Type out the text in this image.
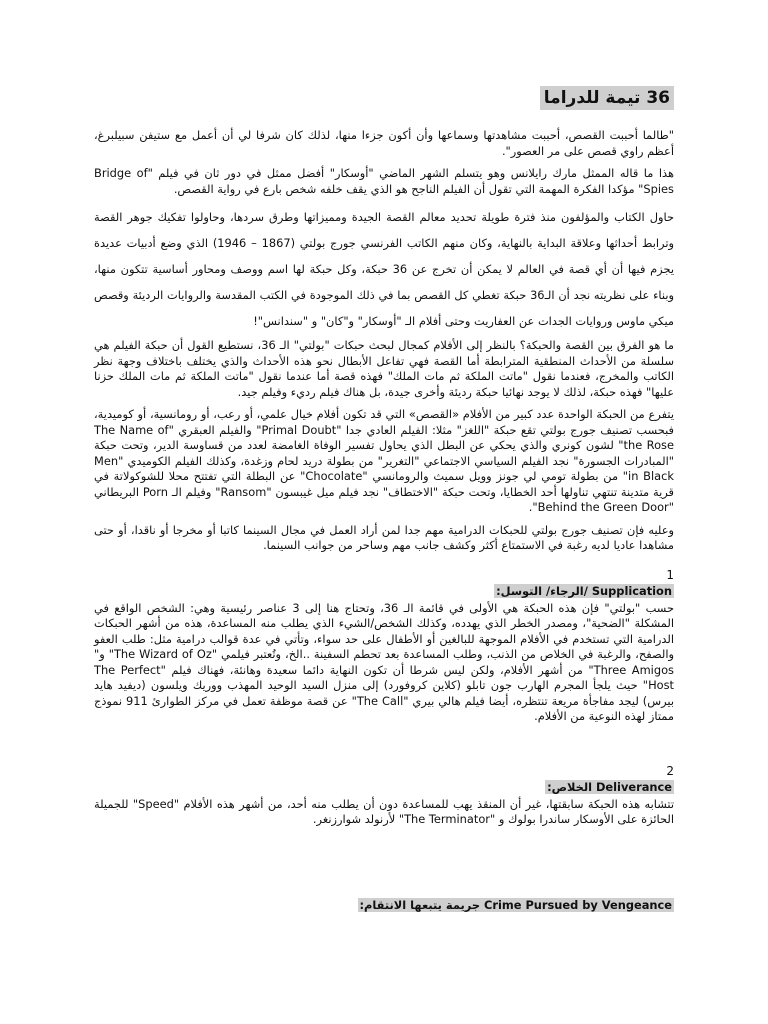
36 تيمة للدراما

"طالما أحببت القصص، أحببت مشاهدتها وسماعها وأن أكون جزءا منها، لذلك كان شرفا لي أن أعمل مع ستيفن سبيلبرغ، أعظم راوي قصص على مر العصور".

هذا ما قاله الممثل مارك رايلانس وهو يتسلم الشهر الماضي "أوسكار" أفضل ممثل في دور ثان في فيلم "Bridge of Spies" مؤكدا الفكرة المهمة التي تقول أن الفيلم الناجح هو الذي يقف خلفه شخص بارع في رواية القصص.

حاول الكتاب والمؤلفون منذ فترة طويلة تحديد معالم القصة الجيدة ومميزاتها وطرق سردها، وحاولوا تفكيك جوهر القصة وترابط أحداثها وعلاقة البداية بالنهاية، وكان منهم الكاتب الفرنسي جورج بولتي (1867 – 1946) الذي وضع أدبيات عديدة يجزم فيها أن أي قصة في العالم لا يمكن أن تخرج عن 36 حبكة، وكل حبكة لها اسم ووصف ومحاور أساسية تتكون منها، وبناء على نظريته نجد أن الـ36 حبكة تغطي كل القصص بما في ذلك الموجودة في الكتب المقدسة والروايات الرديئة وقصص ميكي ماوس وروايات الجدات عن العفاريت وحتى أفلام الـ "أوسكار" و"كان" و "سندانس"!

ما هو الفرق بين القصة والحبكة؟ بالنظر إلى الأفلام كمجال لبحث حبكات "بولتي" الـ 36، نستطيع القول أن حبكة الفيلم هي سلسلة من الأحداث المنطقية المترابطة أما القصة فهي تفاعل الأبطال نحو هذه الأحداث والذي يختلف باختلاف وجهة نظر الكاتب والمخرج، فعندما نقول "ماتت الملكة ثم مات الملك" فهذه قصة أما عندما نقول "ماتت الملكة ثم مات الملك حزنا عليها" فهذه حبكة، لذلك لا يوجد نهائيا حبكة رديئة وأخرى جيدة، بل هناك فيلم رديء وفيلم جيد.

يتفرع من الحبكة الواحدة عدد كبير من الأفلام «القصص» التي قد تكون أفلام خيال علمي، أو رعب، أو رومانسية، أو كوميدية، فبحسب تصنيف جورج بولتي تقع حبكة "اللغز" مثلا: الفيلم العادي جدا "Primal Doubt" والفيلم العبقري "The Name of the Rose" لشون كونري والذي يحكي عن البطل الذي يحاول تفسير الوفاة الغامضة لعدد من قساوسة الدير، وتحت حبكة "المبادرات الجسورة" نجد الفيلم السياسي الاجتماعي "التغرير" من بطولة دريد لحام وزغدة، وكذلك الفيلم الكوميدي "Men in Black" من بطولة تومي لي جونز وويل سميث والرومانسي "Chocolate" عن البطلة التي تفتتح محلا للشوكولاتة في قرية متدينة تنتهي تناولها أحد الخطايا، وتحت حبكة "الاختطاف" نجد فيلم ميل غيبسون "Ransom" وفيلم الـ Porn البريطاني "Behind the Green Door".

وعليه فإن تصنيف جورج بولتي للحبكات الدرامية مهم جدا لمن أراد العمل في مجال السينما كاتبا أو مخرجا أو ناقدا، أو حتى مشاهدا عاديا لديه رغبة في الاستمتاع أكثر وكشف جانب مهم وساحر من جوانب السينما.

1
Supplication /الرجاء/ التوسل:

حسب "بولتي" فإن هذه الحبكة هي الأولى في قائمة الـ 36، وتحتاج هنا إلى 3 عناصر رئيسية وهي: الشخص الواقع في المشكلة "الضحية"، ومصدر الخطر الذي يهدده، وكذلك الشخص/الشيء الذي يطلب منه المساعدة، هذه من أشهر الحبكات الدرامية التي تستخدم في الأفلام الموجهة للبالغين أو الأطفال على حد سواء، وتأتي في عدة قوالب درامية مثل: طلب العفو والصفح، والرغبة في الخلاص من الذنب، وطلب المساعدة بعد تحطم السفينة ..الخ، وتُعتبر فيلمي "The Wizard of Oz" و" Three Amigos" من أشهر الأفلام، ولكن ليس شرطا أن تكون النهاية دائما سعيدة وهانئة، فهناك فيلم "The Perfect Host" حيث يلجأ المجرم الهارب جون تابلو (كلاين كروفورد) إلى منزل السيد الوحيد المهذب ووريك ويلسون (ديفيد هايد بيرس) ليجد مفاجأة مريعة تنتظره، أيضا فيلم هالي بيري "The Call" عن قصة موظفة تعمل في مركز الطوارئ 911 نموذج ممتاز لهذه النوعية من الأفلام.

2
Deliverance الخلاص:

تتشابه هذه الحبكة سابقتها، غير أن المنقذ يهب للمساعدة دون أن يطلب منه أحد، من أشهر هذه الأفلام "Speed" للجميلة الحائزة على الأوسكار ساندرا بولوك و "The Terminator" لأرنولد شوارزنغر.

Crime Pursued by Vengeance جريمة يتبعها الانتقام:
